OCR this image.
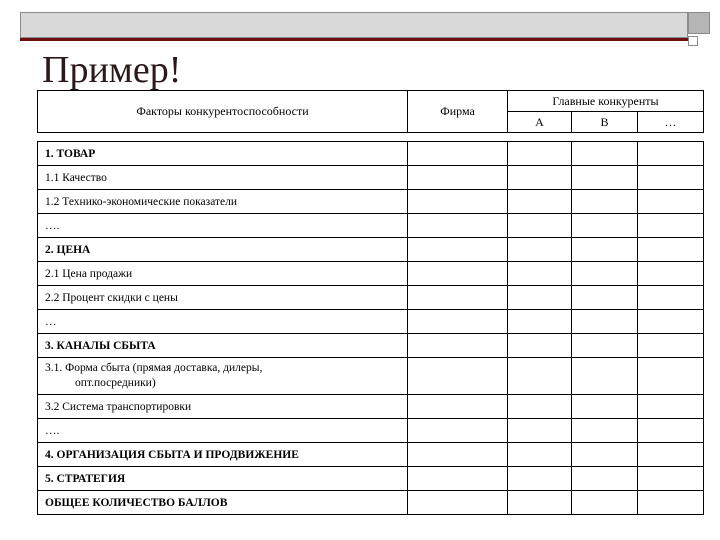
Пример!
Факторы конкурентоспособности	Фирма	Главные конкуренты		
		А	В	…

1. ТОВАР				
1.1 Качество				
1.2 Технико-экономические показатели				
….				
2. ЦЕНА				
2.1 Цена продажи				
2.2 Процент скидки с цены				
…				
3. КАНАЛЫ СБЫТА				
3.1. Форма сбыта (прямая доставка, дилеры,
опт.посредники)				

3.2 Система транспортировки				
….				
4. ОРГАНИЗАЦИЯ СБЫТА И ПРОДВИЖЕНИЕ				
5. СТРАТЕГИЯ				
ОБЩЕЕ КОЛИЧЕСТВО БАЛЛОВ				
